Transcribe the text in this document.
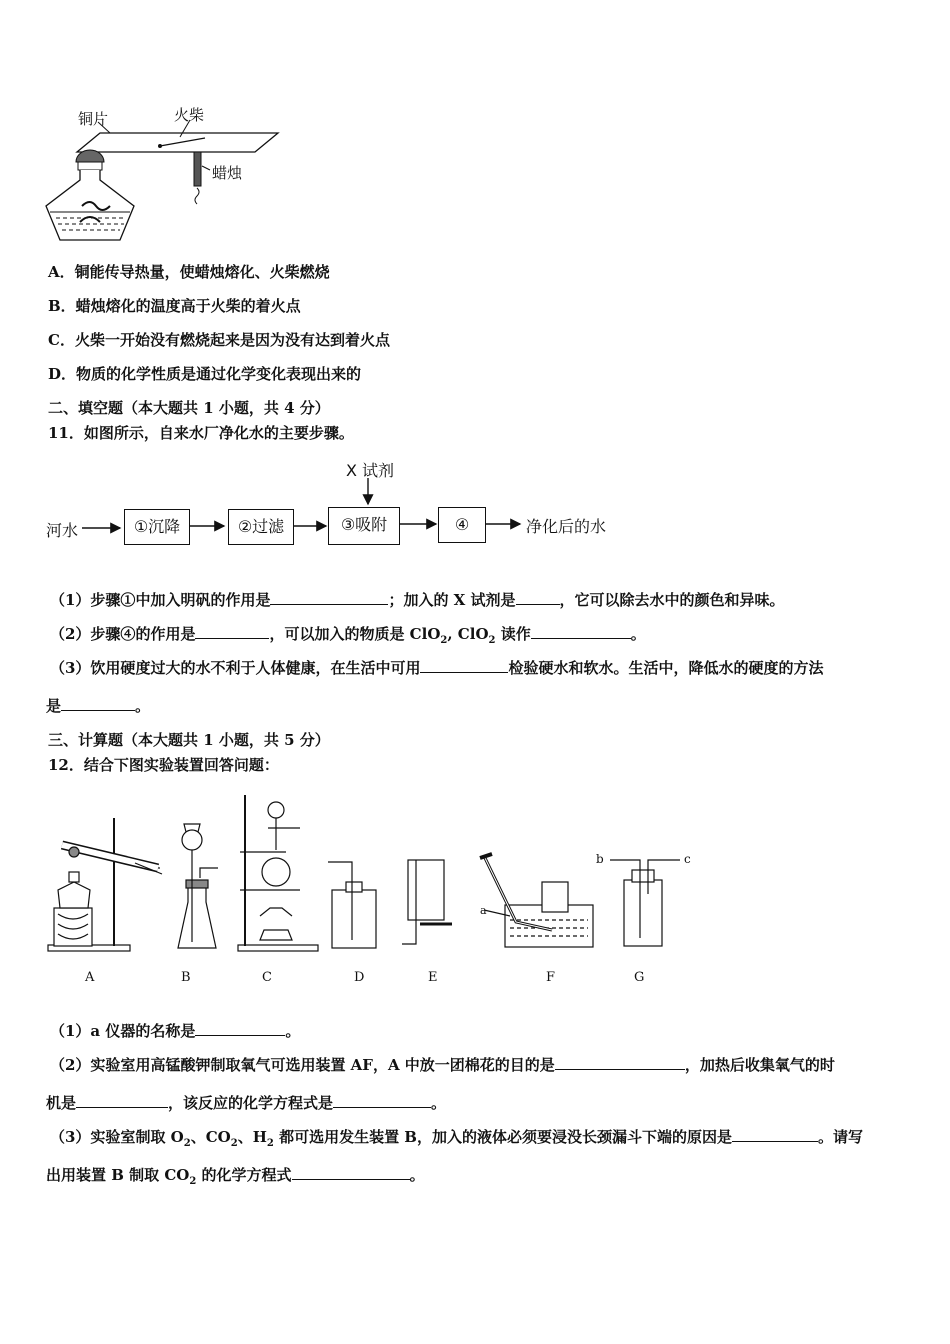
铜片	火柴
蜡烛
A．铜能传导热量，使蜡烛熔化、火柴燃烧
B．蜡烛熔化的温度高于火柴的着火点
C．火柴一开始没有燃烧起来是因为没有达到着火点
D．物质的化学性质是通过化学变化表现出来的
二、填空题（本大题共 1 小题，共 4 分）
11．如图所示，自来水厂净化水的主要步骤。
X 试剂
河水	①沉降	②过滤	③吸附	④	净化后的水
（1）步骤①中加入明矾的作用是	；加入的 X 试剂是	，它可以除去水中的颜色和异味。
（2）步骤④的作用是	，可以加入的物质是 ClO$_2$, ClO$_2$ 读作	。
（3）饮用硬度过大的水不利于人体健康，在生活中可用	检验硬水和软水。生活中，降低水的硬度的方法
是	。
三、计算题（本大题共 1 小题，共 5 分）
12．结合下图实验装置回答问题：
A	B	C	D	E	F	G
a
b	c
（1）a 仪器的名称是	。
（2）实验室用高锰酸钾制取氧气可选用装置 AF，A 中放一团棉花的目的是	，加热后收集氧气的时
机是	，该反应的化学方程式是	。
（3）实验室制取 $O_2$、$CO_2$、$H_2$ 都可选用发生装置 B，加入的液体必须要浸没长颈漏斗下端的原因是	。请写
出用装置 B 制取 $CO_2$ 的化学方程式	。
